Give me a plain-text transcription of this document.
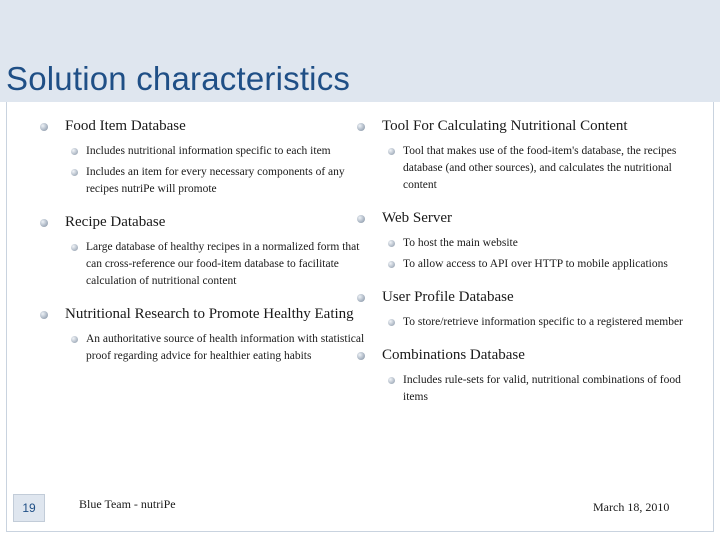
Solution characteristics
Food Item Database
Includes nutritional information specific to each item
Includes an item for every necessary components of any recipes nutriPe will promote
Recipe Database
Large database of healthy recipes in a normalized form that can cross-reference our food-item database to facilitate calculation of nutritional content
Nutritional Research to Promote Healthy Eating
An authoritative source of health information with statistical proof regarding advice for healthier eating habits
Tool For Calculating Nutritional Content
Tool that makes use of the food-item's database, the recipes database (and other sources), and calculates the nutritional content
Web Server
To host the main website
To allow access to API over HTTP to mobile applications
User Profile Database
To store/retrieve information specific to a registered member
Combinations Database
Includes rule-sets for valid, nutritional combinations of food items
19	Blue Team - nutriPe	March 18, 2010
